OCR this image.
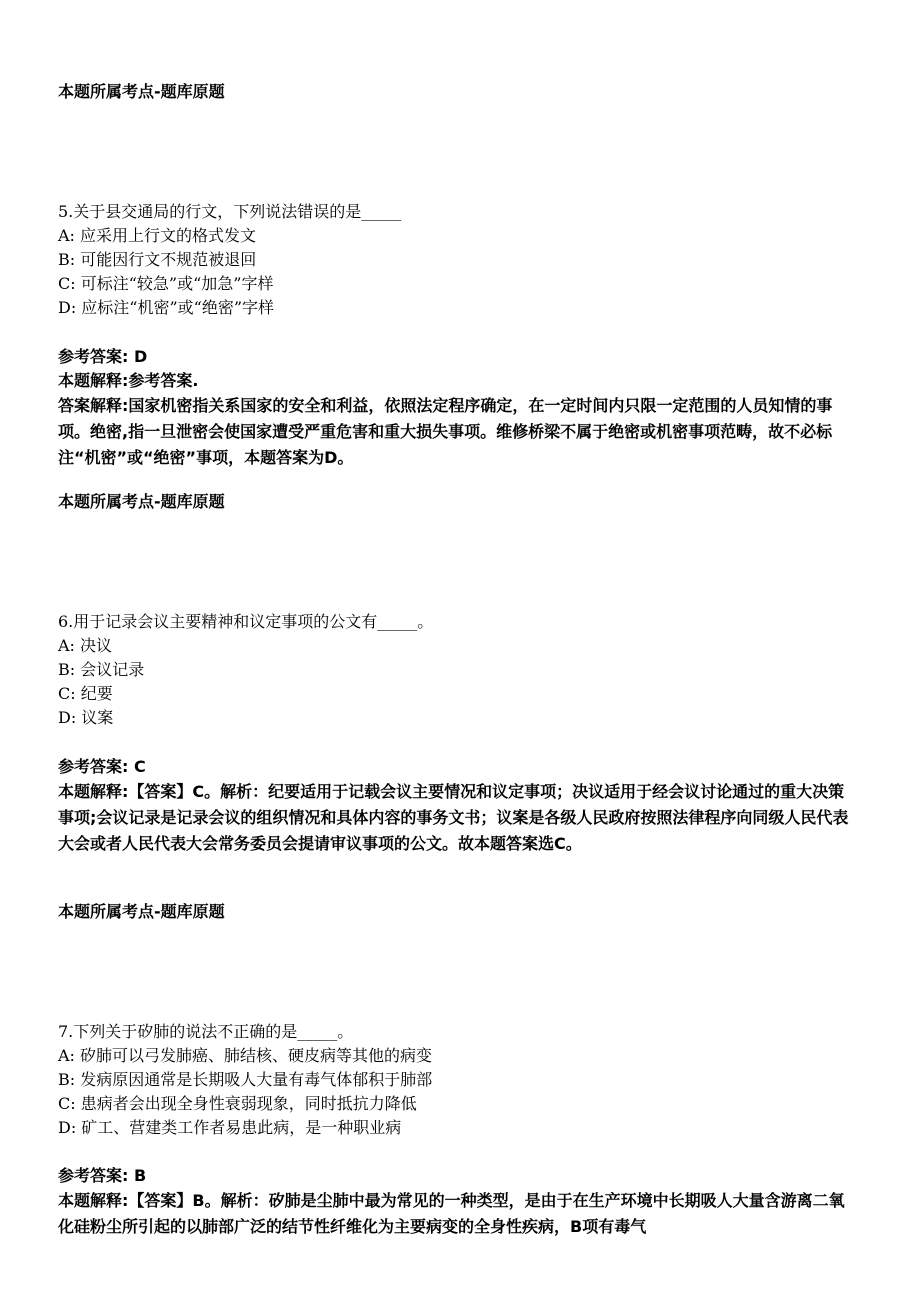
本题所属考点-题库原题
5.关于县交通局的行文，下列说法错误的是_____
A: 应采用上行文的格式发文
B: 可能因行文不规范被退回
C: 可标注“较急”或“加急”字样
D: 应标注“机密”或“绝密”字样
参考答案: D
本题解释:参考答案.
答案解释:国家机密指关系国家的安全和利益，依照法定程序确定，在一定时间内只限一定范围的人员知情的事项。绝密,指一旦泄密会使国家遭受严重危害和重大损失事项。维修桥梁不属于绝密或机密事项范畴，故不必标注“机密”或“绝密”事项，本题答案为D。
本题所属考点-题库原题
6.用于记录会议主要精神和议定事项的公文有_____。
A: 决议
B: 会议记录
C: 纪要
D: 议案
参考答案: C
本题解释:【答案】C。解析：纪要适用于记载会议主要情况和议定事项；决议适用于经会议讨论通过的重大决策事项;会议记录是记录会议的组织情况和具体内容的事务文书；议案是各级人民政府按照法律程序向同级人民代表大会或者人民代表大会常务委员会提请审议事项的公文。故本题答案选C。
本题所属考点-题库原题
7.下列关于矽肺的说法不正确的是_____。
A: 矽肺可以弓发肺癌、肺结核、硬皮病等其他的病变
B: 发病原因通常是长期吸人大量有毒气体郁积于肺部
C: 患病者会出现全身性衰弱现象，同时抵抗力降低
D: 矿工、营建类工作者易患此病，是一种职业病
参考答案: B
本题解释:【答案】B。解析：矽肺是尘肺中最为常见的一种类型，是由于在生产环境中长期吸人大量含游离二氧化硅粉尘所引起的以肺部广泛的结节性纤维化为主要病变的全身性疾病，B项有毒气
